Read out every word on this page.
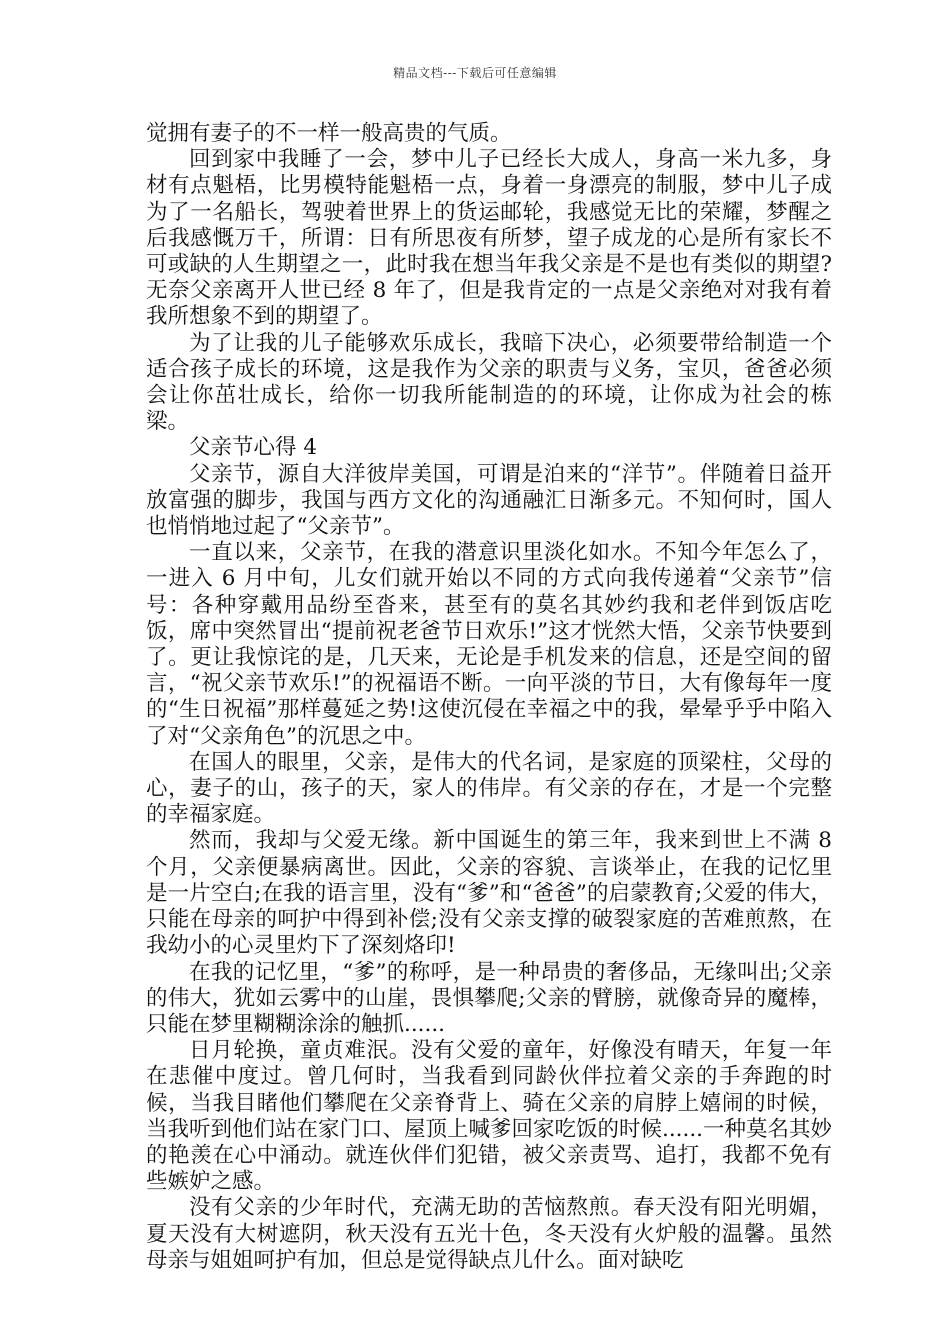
精品文档---下载后可任意编辑

觉拥有妻子的不一样一般高贵的气质。

回到家中我睡了一会，梦中儿子已经长大成人，身高一米九多，身材有点魁梧，比男模特能魁梧一点，身着一身漂亮的制服，梦中儿子成为了一名船长，驾驶着世界上的货运邮轮，我感觉无比的荣耀，梦醒之后我感慨万千，所谓：日有所思夜有所梦，望子成龙的心是所有家长不可或缺的人生期望之一，此时我在想当年我父亲是不是也有类似的期望?无奈父亲离开人世已经 8 年了，但是我肯定的一点是父亲绝对对我有着我所想象不到的期望了。

为了让我的儿子能够欢乐成长，我暗下决心，必须要带给制造一个适合孩子成长的环境，这是我作为父亲的职责与义务，宝贝，爸爸必须会让你茁壮成长，给你一切我所能制造的的环境，让你成为社会的栋梁。

父亲节心得 4

父亲节，源自大洋彼岸美国，可谓是泊来的“洋节”。伴随着日益开放富强的脚步，我国与西方文化的沟通融汇日渐多元。不知何时，国人也悄悄地过起了“父亲节”。

一直以来，父亲节，在我的潜意识里淡化如水。不知今年怎么了，一进入 6 月中旬，儿女们就开始以不同的方式向我传递着“父亲节”信号：各种穿戴用品纷至沓来，甚至有的莫名其妙约我和老伴到饭店吃饭，席中突然冒出“提前祝老爸节日欢乐!”这才恍然大悟，父亲节快要到了。更让我惊诧的是，几天来，无论是手机发来的信息，还是空间的留言，“祝父亲节欢乐!”的祝福语不断。一向平淡的节日，大有像每年一度的“生日祝福”那样蔓延之势!这使沉侵在幸福之中的我，晕晕乎乎中陷入了对“父亲角色”的沉思之中。

在国人的眼里，父亲，是伟大的代名词，是家庭的顶梁柱，父母的心，妻子的山，孩子的天，家人的伟岸。有父亲的存在，才是一个完整的幸福家庭。

然而，我却与父爱无缘。新中国诞生的第三年，我来到世上不满 8 个月，父亲便暴病离世。因此，父亲的容貌、言谈举止，在我的记忆里是一片空白;在我的语言里，没有“爹”和“爸爸”的启蒙教育;父爱的伟大，只能在母亲的呵护中得到补偿;没有父亲支撑的破裂家庭的苦难煎熬，在我幼小的心灵里灼下了深刻烙印!

在我的记忆里，“爹”的称呼，是一种昂贵的奢侈品，无缘叫出;父亲的伟大，犹如云雾中的山崖，畏惧攀爬;父亲的臂膀，就像奇异的魔棒，只能在梦里糊糊涂涂的触抓......

日月轮换，童贞难泯。没有父爱的童年，好像没有晴天，年复一年在悲催中度过。曾几何时，当我看到同龄伙伴拉着父亲的手奔跑的时候，当我目睹他们攀爬在父亲脊背上、骑在父亲的肩脖上嬉闹的时候，当我听到他们站在家门口、屋顶上喊爹回家吃饭的时候......一种莫名其妙的艳羡在心中涌动。就连伙伴们犯错，被父亲责骂、追打，我都不免有些嫉妒之感。

没有父亲的少年时代，充满无助的苦恼熬煎。春天没有阳光明媚，夏天没有大树遮阴，秋天没有五光十色，冬天没有火炉般的温馨。虽然母亲与姐姐呵护有加，但总是觉得缺点儿什么。面对缺吃
